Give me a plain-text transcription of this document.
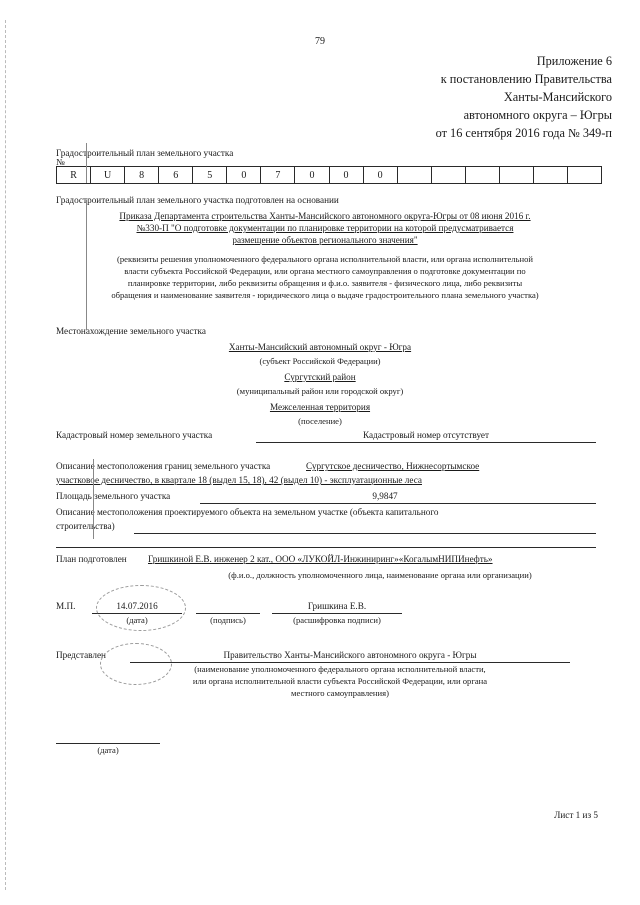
79
Приложение 6
к постановлению Правительства
Ханты-Мансийского
автономного округа – Югры
от 16 сентября 2016 года № 349-п
Градостроительный план земельного участка
№
R	U	8	6	5	0	7	0	0	0
Градостроительный план земельного участка подготовлен на основании
Приказа Департамента строительства Ханты-Мансийского автономного округа-Югры от 08 июня 2016 г.
№330-П "О подготовке документации по планировке территории на которой предусматривается
размещение объектов регионального значения"
(реквизиты решения уполномоченного федерального органа исполнительной власти, или органа исполнительной
власти субъекта Российской Федерации, или органа местного самоуправления о подготовке документации по
планировке территории, либо реквизиты обращения и ф.и.о. заявителя - физического лица, либо реквизиты
обращения и наименование заявителя - юридического лица о выдаче градостроительного плана земельного участка)
Местонахождение земельного участка
Ханты-Мансийский автономный округ - Югра
(субъект Российской Федерации)
Сургутский район
(муниципальный район или городской округ)
Межселенная территория
(поселение)
Кадастровый номер земельного участка	Кадастровый номер отсутствует
Описание местоположения границ земельного участка	Сургутское десничество, Нижнесортымское
участковое десничество, в квартале 18 (выдел 15, 18), 42 (выдел 10) - эксплуатационные леса
Площадь земельного участка	9,9847
Описание местоположения проектируемого объекта на земельном участке (объекта капитального
строительства)
План подготовлен Гришкиной Е.В. инженер 2 кат., ООО «ЛУКОЙЛ-Инжиниринг»«КогалымНИПИнефть»
(ф.и.о., должность уполномоченного лица, наименование органа или организации)
М.П.	14.07.2016
(дата)	(подпись)
Гришкина Е.В.
(расшифровка подписи)
Представлен	Правительство Ханты-Мансийского автономного округа - Югры
(наименование уполномоченного федерального органа исполнительной власти,
или органа исполнительной власти субъекта Российской Федерации, или органа
местного самоуправления)
(дата)
Лист 1 из 5
